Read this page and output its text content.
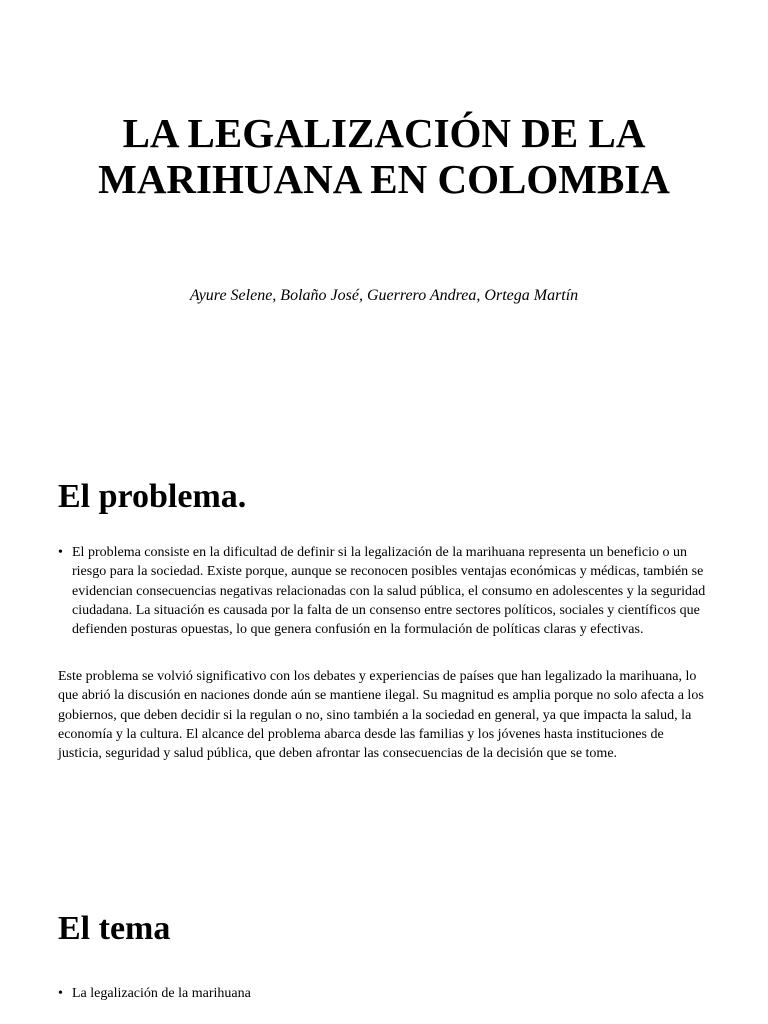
LA LEGALIZACIÓN DE LA MARIHUANA EN COLOMBIA

Ayure Selene, Bolaño José, Guerrero Andrea, Ortega Martín

El problema.
• El problema consiste en la dificultad de definir si la legalización de la marihuana representa un beneficio o un riesgo para la sociedad. Existe porque, aunque se reconocen posibles ventajas económicas y médicas, también se evidencian consecuencias negativas relacionadas con la salud pública, el consumo en adolescentes y la seguridad ciudadana. La situación es causada por la falta de un consenso entre sectores políticos, sociales y científicos que defienden posturas opuestas, lo que genera confusión en la formulación de políticas claras y efectivas.

Este problema se volvió significativo con los debates y experiencias de países que han legalizado la marihuana, lo que abrió la discusión en naciones donde aún se mantiene ilegal. Su magnitud es amplia porque no solo afecta a los gobiernos, que deben decidir si la regulan o no, sino también a la sociedad en general, ya que impacta la salud, la economía y la cultura. El alcance del problema abarca desde las familias y los jóvenes hasta instituciones de justicia, seguridad y salud pública, que deben afrontar las consecuencias de la decisión que se tome.

El tema
• La legalización de la marihuana
